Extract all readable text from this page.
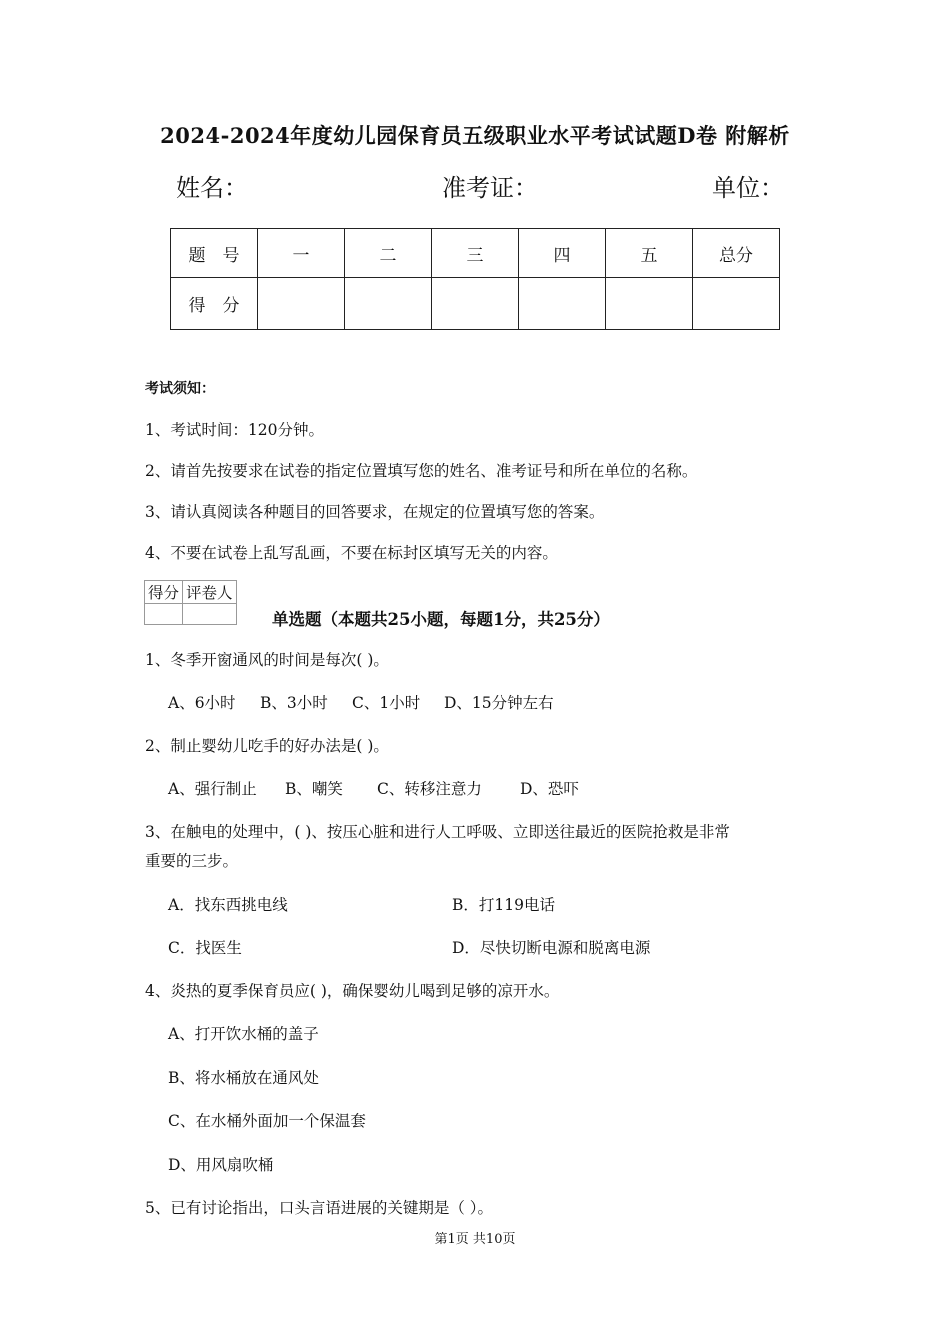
2024-2024年度幼儿园保育员五级职业水平考试试题D卷 附解析
姓名：	准考证：	单位：
题　号	一	二	三	四	五	总分
得　分						
考试须知：
1、考试时间：120分钟。
2、请首先按要求在试卷的指定位置填写您的姓名、准考证号和所在单位的名称。
3、请认真阅读各种题目的回答要求，在规定的位置填写您的答案。
4、不要在试卷上乱写乱画，不要在标封区填写无关的内容。
得分	评卷人

单选题（本题共25小题，每题1分，共25分）
1、冬季开窗通风的时间是每次( )。
A、6小时 B、3小时 C、1小时 D、15分钟左右
2、制止婴幼儿吃手的好办法是( )。
A、强行制止 B、嘲笑 C、转移注意力 D、恐吓
3、在触电的处理中，( )、按压心脏和进行人工呼吸、立即送往最近的医院抢救是非常
重要的三步。
A．找东西挑电线	B．打119电话
C．找医生	D．尽快切断电源和脱离电源
4、炎热的夏季保育员应( )，确保婴幼儿喝到足够的凉开水。
A、打开饮水桶的盖子
B、将水桶放在通风处
C、在水桶外面加一个保温套
D、用风扇吹桶
5、已有讨论指出，口头言语进展的关键期是（ ）。
第1页 共10页
